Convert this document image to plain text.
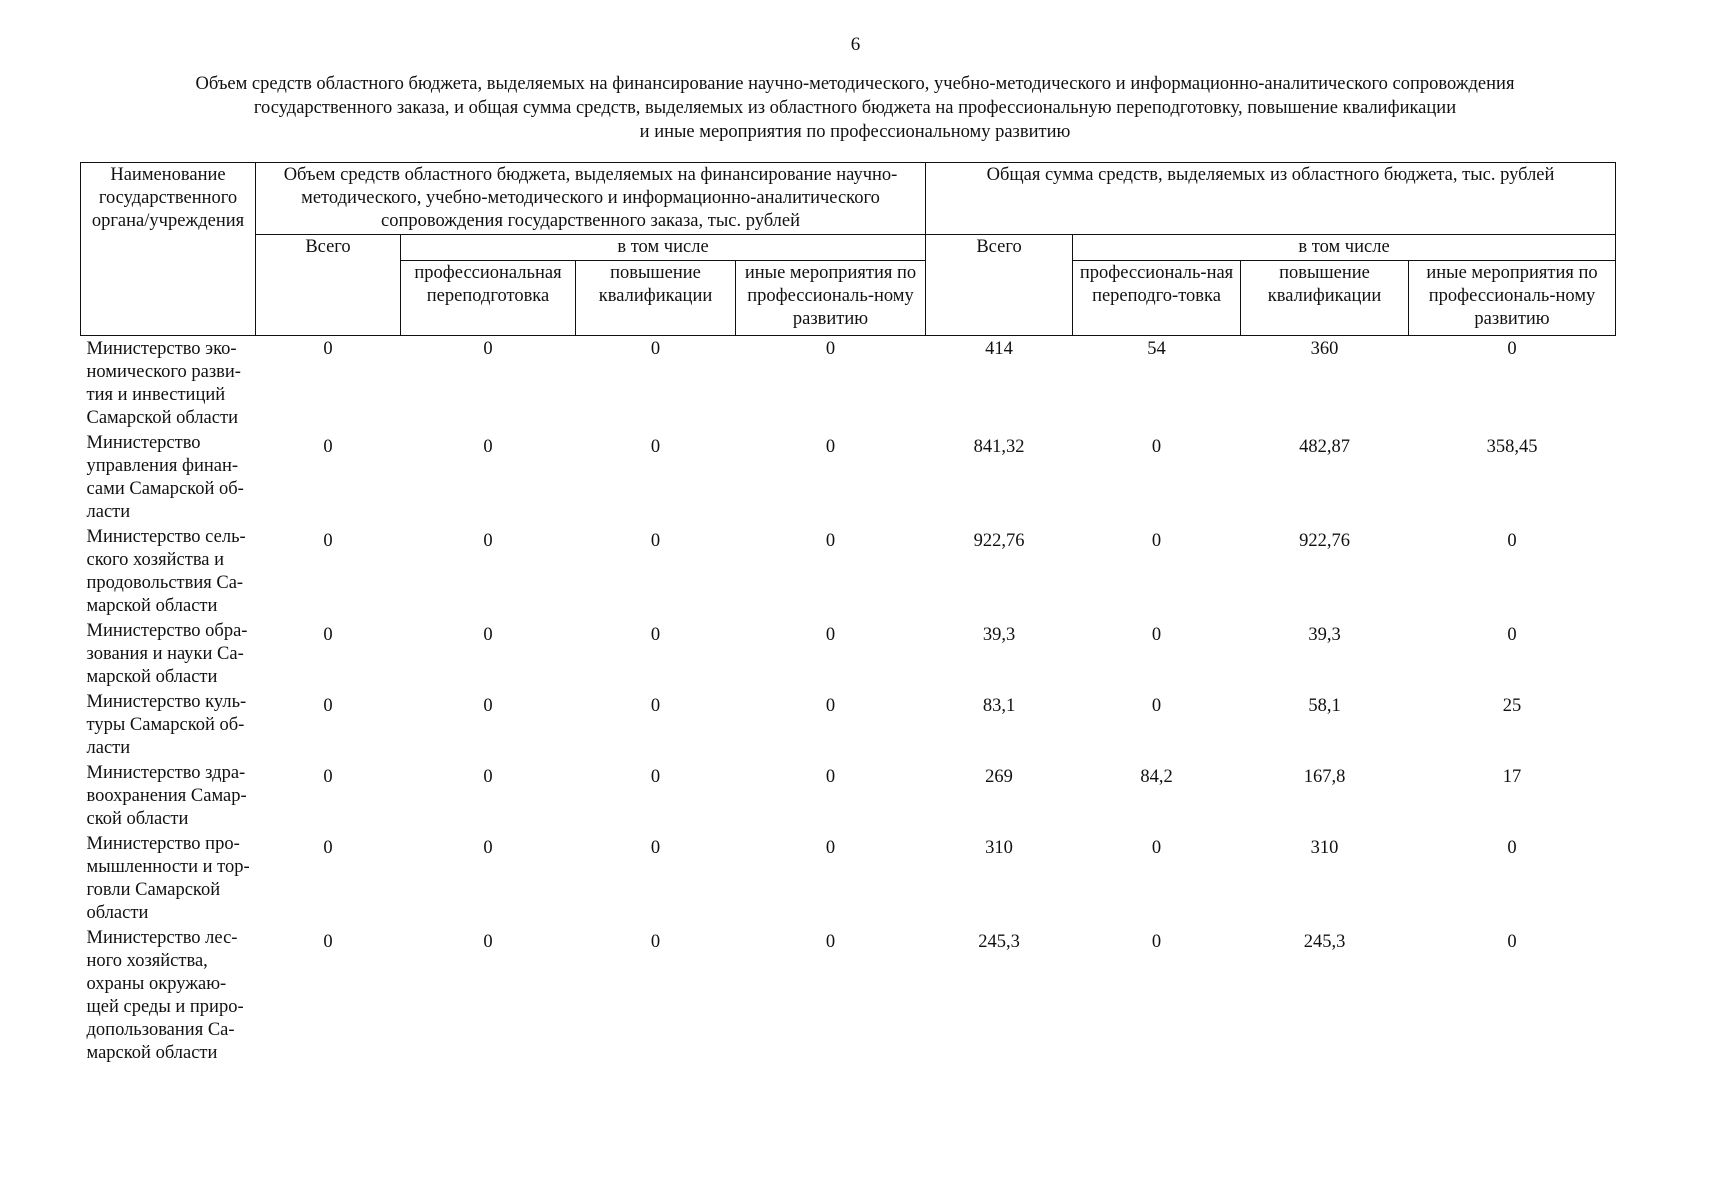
6
Объем средств областного бюджета, выделяемых на финансирование научно-методического, учебно-методического и информационно-аналитического сопровождения
государственного заказа, и общая сумма средств, выделяемых из областного бюджета на профессиональную переподготовку, повышение квалификации
и иные мероприятия по профессиональному развитию
Наименование государственного органа/учреждения	Объем средств областного бюджета, выделяемых на финансирование научно-методического, учебно-методического и информационно-аналитического сопровождения государственного заказа, тыс. рублей				Общая сумма средств, выделяемых из областного бюджета, тыс. рублей			
	Всего	в том числе			Всего	в том числе		
		профессиональная переподготовка	повышение квалификации	иные мероприятия по профессиональ-ному развитию		профессиональ-ная переподго-товка	повышение квалификации	иные мероприятия по профессиональ-ному развитию
Министерство эко-номического разви-тия и инвестиций Самарской области	0	0	0	0	414	54	360	0
Министерство управления финан-сами Самарской об-ласти	0	0	0	0	841,32	0	482,87	358,45
Министерство сель-ского хозяйства и продовольствия Са-марской области	0	0	0	0	922,76	0	922,76	0
Министерство обра-зования и науки Са-марской области	0	0	0	0	39,3	0	39,3	0
Министерство куль-туры Самарской об-ласти	0	0	0	0	83,1	0	58,1	25
Министерство здра-воохранения Самар-ской области	0	0	0	0	269	84,2	167,8	17
Министерство про-мышленности и тор-говли Самарской области	0	0	0	0	310	0	310	0
Министерство лес-ного хозяйства, охраны окружаю-щей среды и приро-допользования Са-марской области	0	0	0	0	245,3	0	245,3	0
